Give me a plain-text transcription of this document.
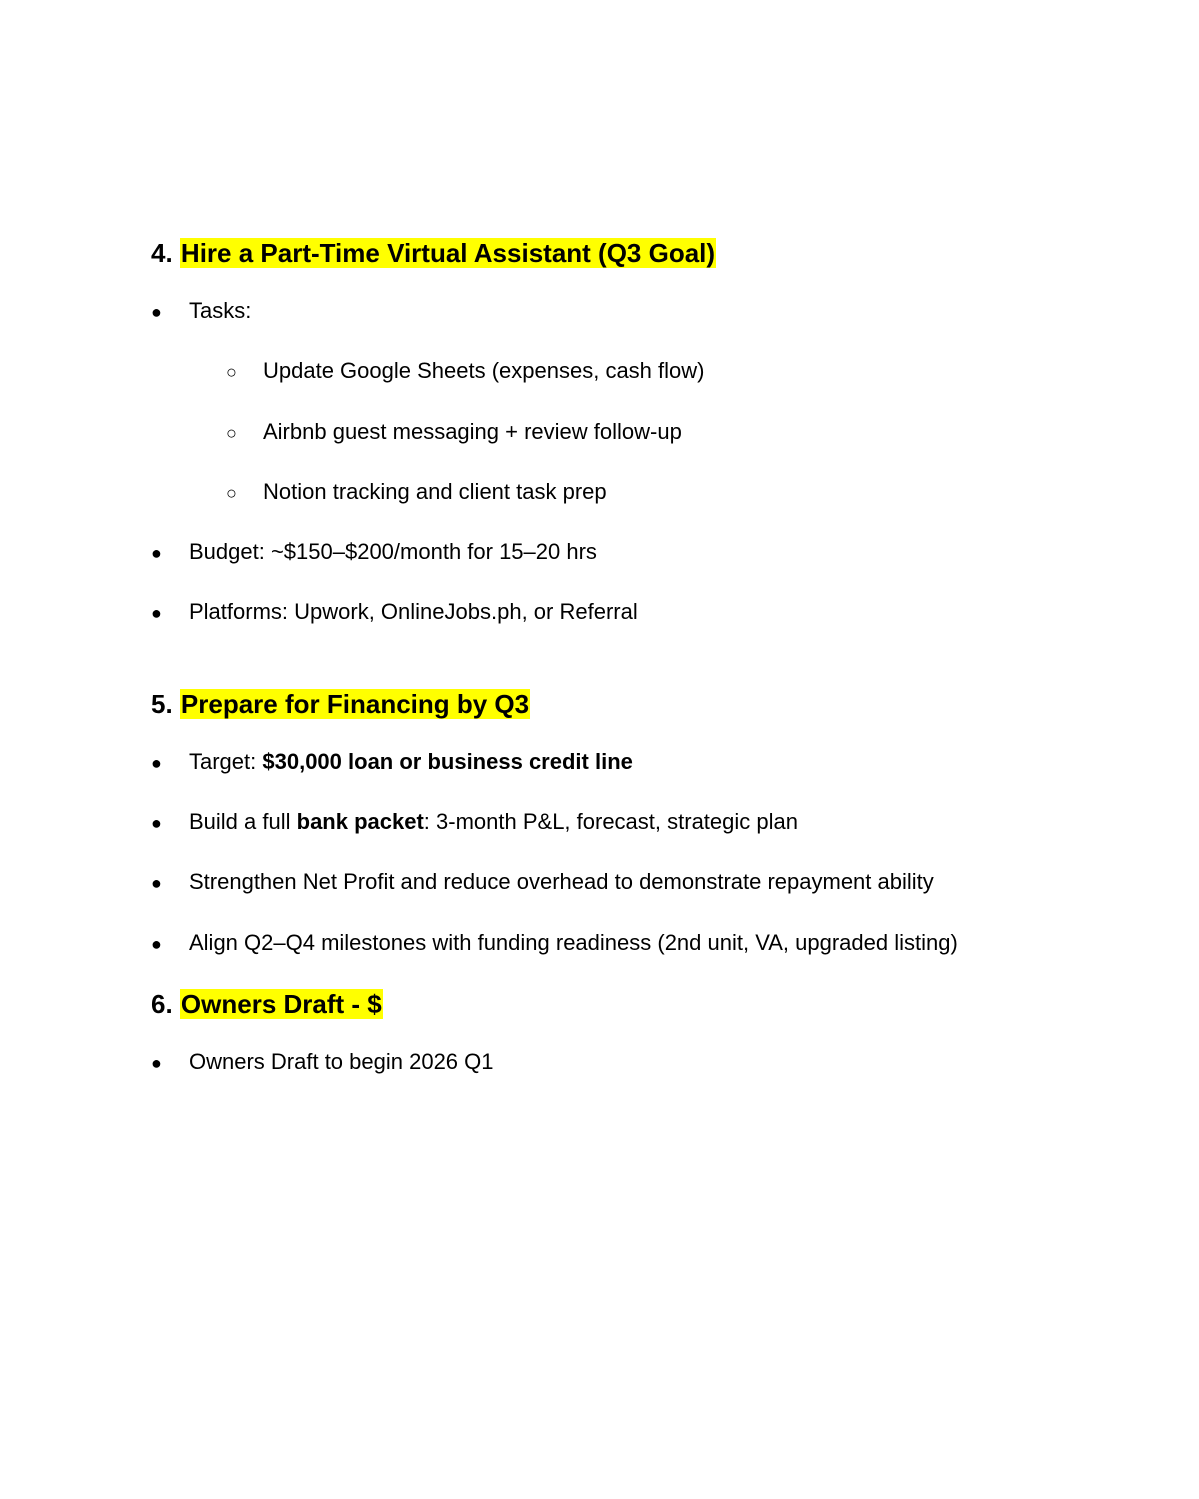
4. Hire a Part-Time Virtual Assistant (Q3 Goal)
● Tasks:
○ Update Google Sheets (expenses, cash flow)
○ Airbnb guest messaging + review follow-up
○ Notion tracking and client task prep
● Budget: ~$150–$200/month for 15–20 hrs
● Platforms: Upwork, OnlineJobs.ph, or Referral
5. Prepare for Financing by Q3
● Target: $30,000 loan or business credit line
● Build a full bank packet: 3-month P&L, forecast, strategic plan
● Strengthen Net Profit and reduce overhead to demonstrate repayment ability
● Align Q2–Q4 milestones with funding readiness (2nd unit, VA, upgraded listing)
6. Owners Draft - $
● Owners Draft to begin 2026 Q1
